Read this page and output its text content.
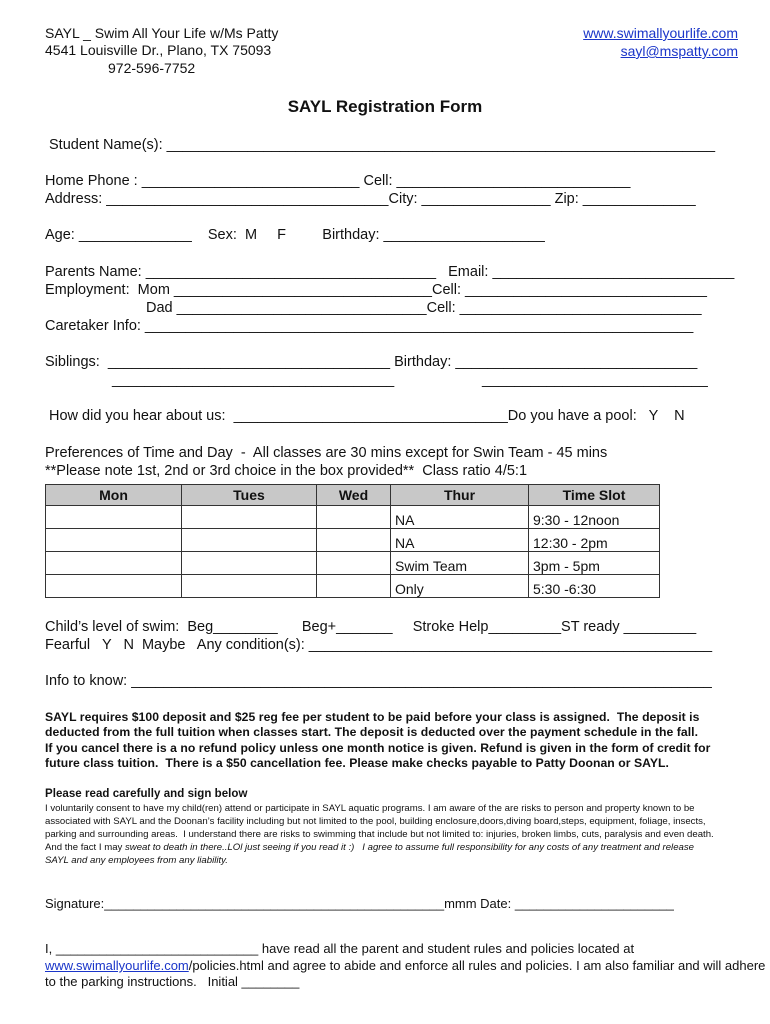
SAYL _ Swim All Your Life w/Ms Patty
4541 Louisville Dr., Plano, TX 75093
972-596-7752
www.swimallyourlife.com
sayl@mspatty.com
SAYL Registration Form
Student Name(s): ____________________________________________________________________
Home Phone : ___________________________ Cell: _____________________________
Address: ___________________________________City: ________________ Zip: ______________
Age: ______________    Sex:  M     F         Birthday: ____________________
Parents Name: ____________________________________   Email: ______________________________
Employment:  Mom ________________________________Cell: ______________________________
Dad _______________________________Cell: ______________________________
Caretaker Info: ____________________________________________________________________
Siblings:  ___________________________________ Birthday: ______________________________
___________________________________	____________________________
How did you hear about us:  __________________________________Do you have a pool:   Y    N
Preferences of Time and Day  -  All classes are 30 mins except for Swin Team - 45 mins
**Please note 1st, 2nd or 3rd choice in the box provided**  Class ratio 4/5:1
Mon	Tues	Wed	Thur	Time Slot
			NA	9:30 - 12noon
			NA	12:30 - 2pm
			Swim Team	3pm - 5pm
			Only	5:30 -6:30
Child’s level of swim:  Beg________      Beg+_______     Stroke Help_________ST ready _________
Fearful   Y   N  Maybe   Any condition(s): __________________________________________________
Info to know: ________________________________________________________________________
SAYL requires $100 deposit and $25 reg fee per student to be paid before your class is assigned.  The deposit is
deducted from the full tuition when classes start. The deposit is deducted over the payment schedule in the fall.
If you cancel there is a no refund policy unless one month notice is given. Refund is given in the form of credit for
future class tuition.  There is a $50 cancellation fee. Please make checks payable to Patty Doonan or SAYL.
Please read carefully and sign below
I voluntarily consent to have my child(ren) attend or participate in SAYL aquatic programs. I am aware of the are risks to person and property known to be
associated with SAYL and the Doonan’s facility including but not limited to the pool, building enclosure,doors,diving board,steps, equipment, foliage, insects,
parking and surrounding areas.  I understand there are risks to swimming that include but not limited to: injuries, broken limbs, cuts, paralysis and even death.
And the fact I may sweat to death in there..LOl just seeing if you read it :)   I agree to assume full responsibility for any costs of any treatment and release
SAYL and any employees from any liability.
Signature:_______________________________________________mmm Date: ______________________
I, ____________________________ have read all the parent and student rules and policies located at
www.swimallyourlife.com/policies.html and agree to abide and enforce all rules and policies. I am also familiar and will adhere
to the parking instructions.   Initial ________
